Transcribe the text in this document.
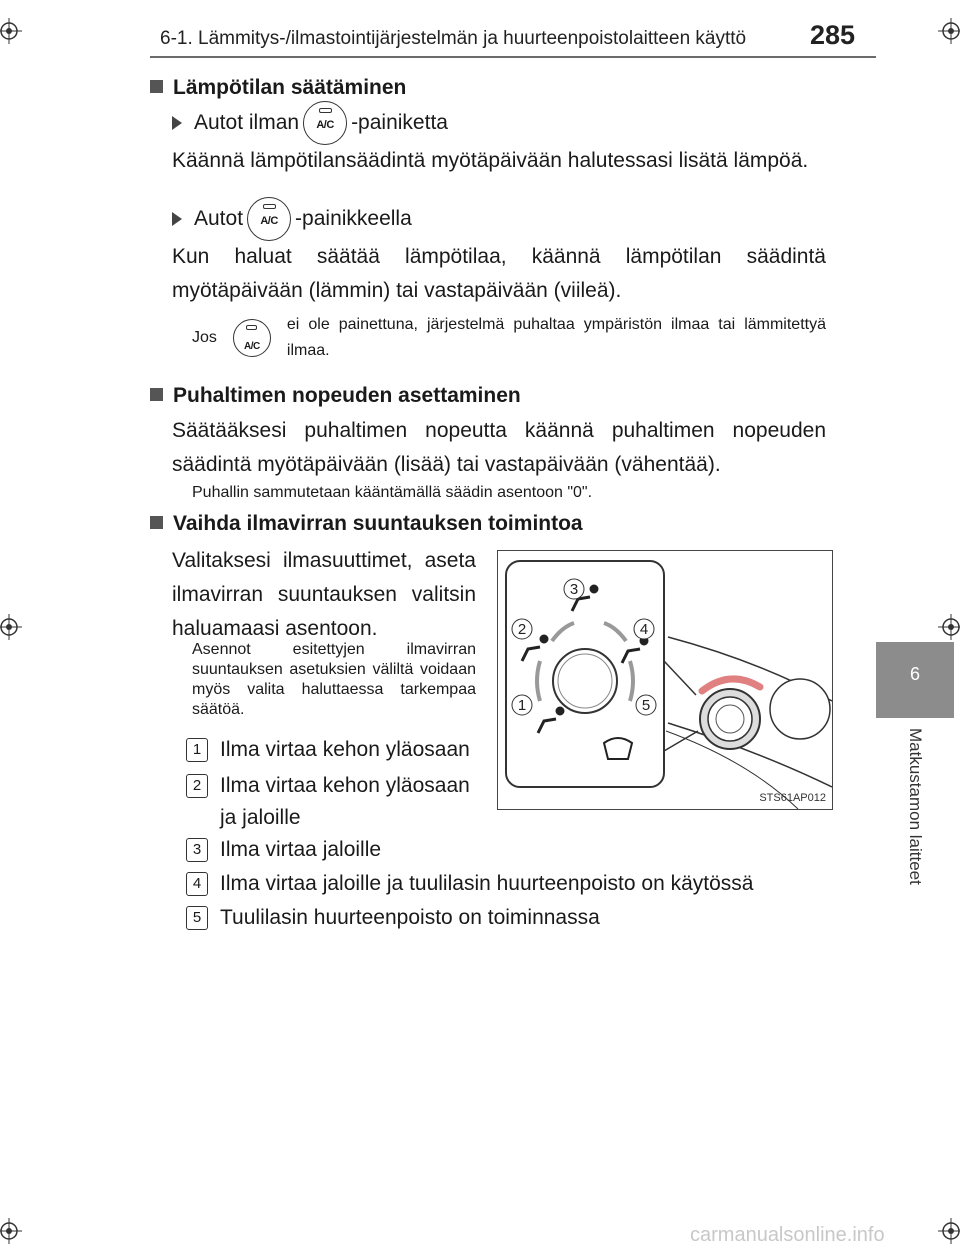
6-1. Lämmitys-/ilmastointijärjestelmän ja huurteenpoistolaitteen käyttö 285
6
Matkustamon laitteet
Lämpötilan säätäminen
Autot ilman	A/C -painiketta
Käännä lämpötilansäädintä myötäpäivään halutessasi lisätä lämpöä.
Autot	A/C -painikkeella
Kun haluat säätää lämpötilaa, käännä lämpötilan säädintä myötäpäivään (lämmin) tai vastapäivään (viileä).
Jos
A/C
ei ole painettuna, järjestelmä puhaltaa ympäristön ilmaa tai lämmitettyä ilmaa.
Puhaltimen nopeuden asettaminen
Säätääksesi puhaltimen nopeutta käännä puhaltimen nopeuden säädintä myötäpäivään (lisää) tai vastapäivään (vähentää).
Puhallin sammutetaan kääntämällä säädin asentoon "0".
Vaihda ilmavirran suuntauksen toimintoa
Valitaksesi ilmasuuttimet, aseta ilmavirran suuntauksen valitsin haluamaasi asentoon.
Asennot esitettyjen ilmavirran suuntauksen asetuksien väliltä voidaan myös valita haluttaessa tarkempaa säätöä.
1 Ilma virtaa kehon yläosaan
2 Ilma virtaa kehon yläosaan ja jaloille
3 Ilma virtaa jaloille
4 Ilma virtaa jaloille ja tuulilasin huurteenpoisto on käytössä
5 Tuulilasin huurteenpoisto on toiminnassa
3
2	4
1	5
STS61AP012
carmanualsonline.info
